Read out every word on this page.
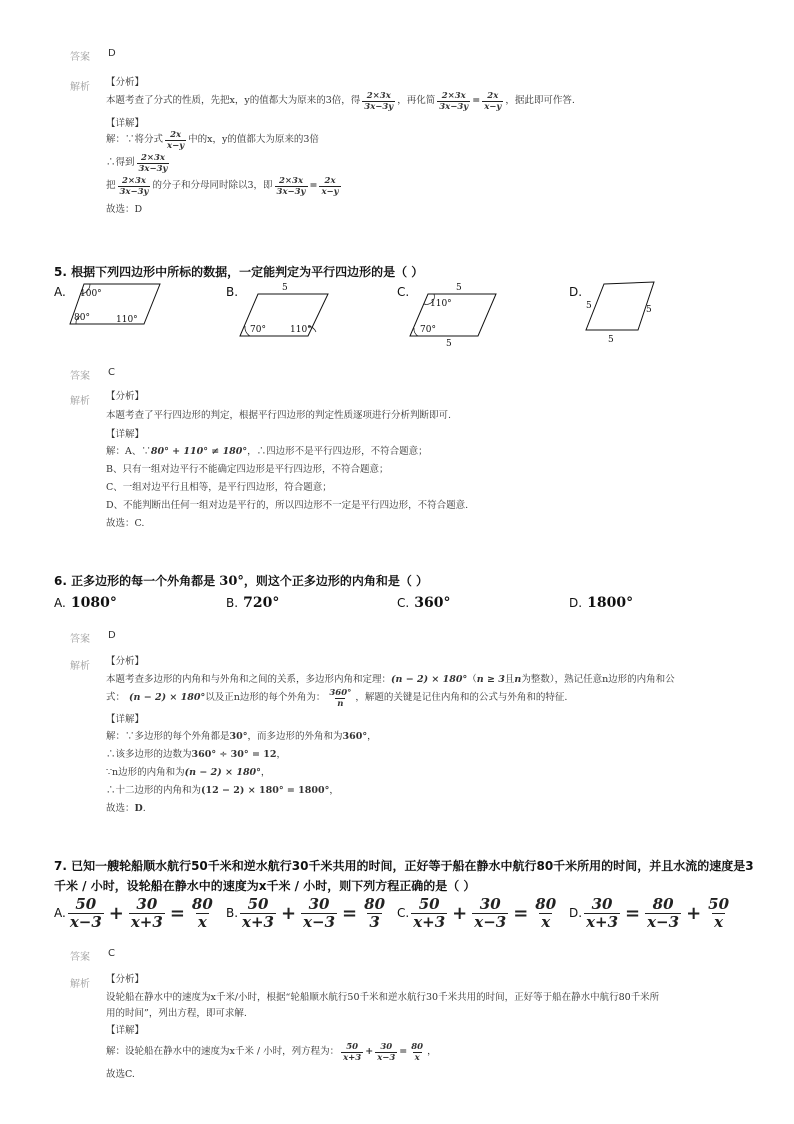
答案 D
解析 【分析】
本题考查了分式的性质，先把x，y的值都大为原来的3倍，得 $\frac{2\times 3x}{3x-3y}$ ，再化简 $\frac{2\times 3x}{3x-3y} = \frac{2x}{x-y}$ ，据此即可作答.
【详解】
解：∵将分式 $\frac{2x}{x-y}$ 中的x，y的值都大为原来的3倍
∴得到 $\frac{2\times 3x}{3x-3y}$
把 $\frac{2\times 3x}{3x-3y}$ 的分子和分母同时除以3，即 $\frac{2\times 3x}{3x-3y} = \frac{2x}{x-y}$
故选：D
5. 根据下列四边形中所标的数据，一定能判定为平行四边形的是（ ）
A. 100°
80°	110°
B.	5
70°	110°
C.	5
110°
70°
5
D.
5	5
5
答案 C
解析 【分析】
本题考查了平行四边形的判定，根据平行四边形的判定性质逐项进行分析判断即可.
【详解】
解：A、∵80° + 110° ≠ 180°，∴四边形不是平行四边形，不符合题意；
B、只有一组对边平行不能确定四边形是平行四边形，不符合题意；
C、一组对边平行且相等，是平行四边形，符合题意；
D、不能判断出任何一组对边是平行的，所以四边形不一定是平行四边形，不符合题意.
故选：C.
6. 正多边形的每一个外角都是 30°，则这个正多边形的内角和是（ ）
A. 1080°	B. 720°	C. 360°	D. 1800°
答案 D
解析 【分析】
本题考查多边形的内角和与外角和之间的关系，多边形内角和定理：(n − 2) × 180°（n ≥ 3且n为整数），熟记任意n边形的内角和公
式： (n − 2) × 180° 以及正n边形的每个外角为： $\frac{360^\circ}{n}$ ，解题的关键是记住内角和的公式与外角和的特征.
【详解】
解：∵多边形的每个外角都是30°，而多边形的外角和为360°，
∴该多边形的边数为360° ÷ 30° = 12，
∵n边形的内角和为(n − 2) × 180°，
∴十二边形的内角和为(12 − 2) × 180° = 1800°，
故选：D.
7. 已知一艘轮船顺水航行50千米和逆水航行30千米共用的时间，正好等于船在静水中航行80千米所用的时间，并且水流的速度是3
千米 / 小时，设轮船在静水中的速度为x千米 / 小时，则下列方程正确的是（ ）
A. $\frac{50}{x-3} + \frac{30}{x+3} = \frac{80}{x} B$. $\frac{50}{x+3} + \frac{30}{x-3} = \frac{80}{3} C$. $\frac{50}{x+3} + \frac{30}{x-3} = \frac{80}{x} D$. $\frac{30}{x+3} = \frac{80}{x-3} + \frac{50}{x}$
答案 C
解析 【分析】
设轮船在静水中的速度为x千米/小时，根据“轮船顺水航行50千米和逆水航行30千米共用的时间，正好等于船在静水中航行80千米所
用的时间”，列出方程，即可求解.
【详解】
解：设轮船在静水中的速度为x千米 / 小时，列方程为： $\frac{50}{x+3} + \frac{30}{x-3} = \frac{80}{x}$ ，
故选C.
